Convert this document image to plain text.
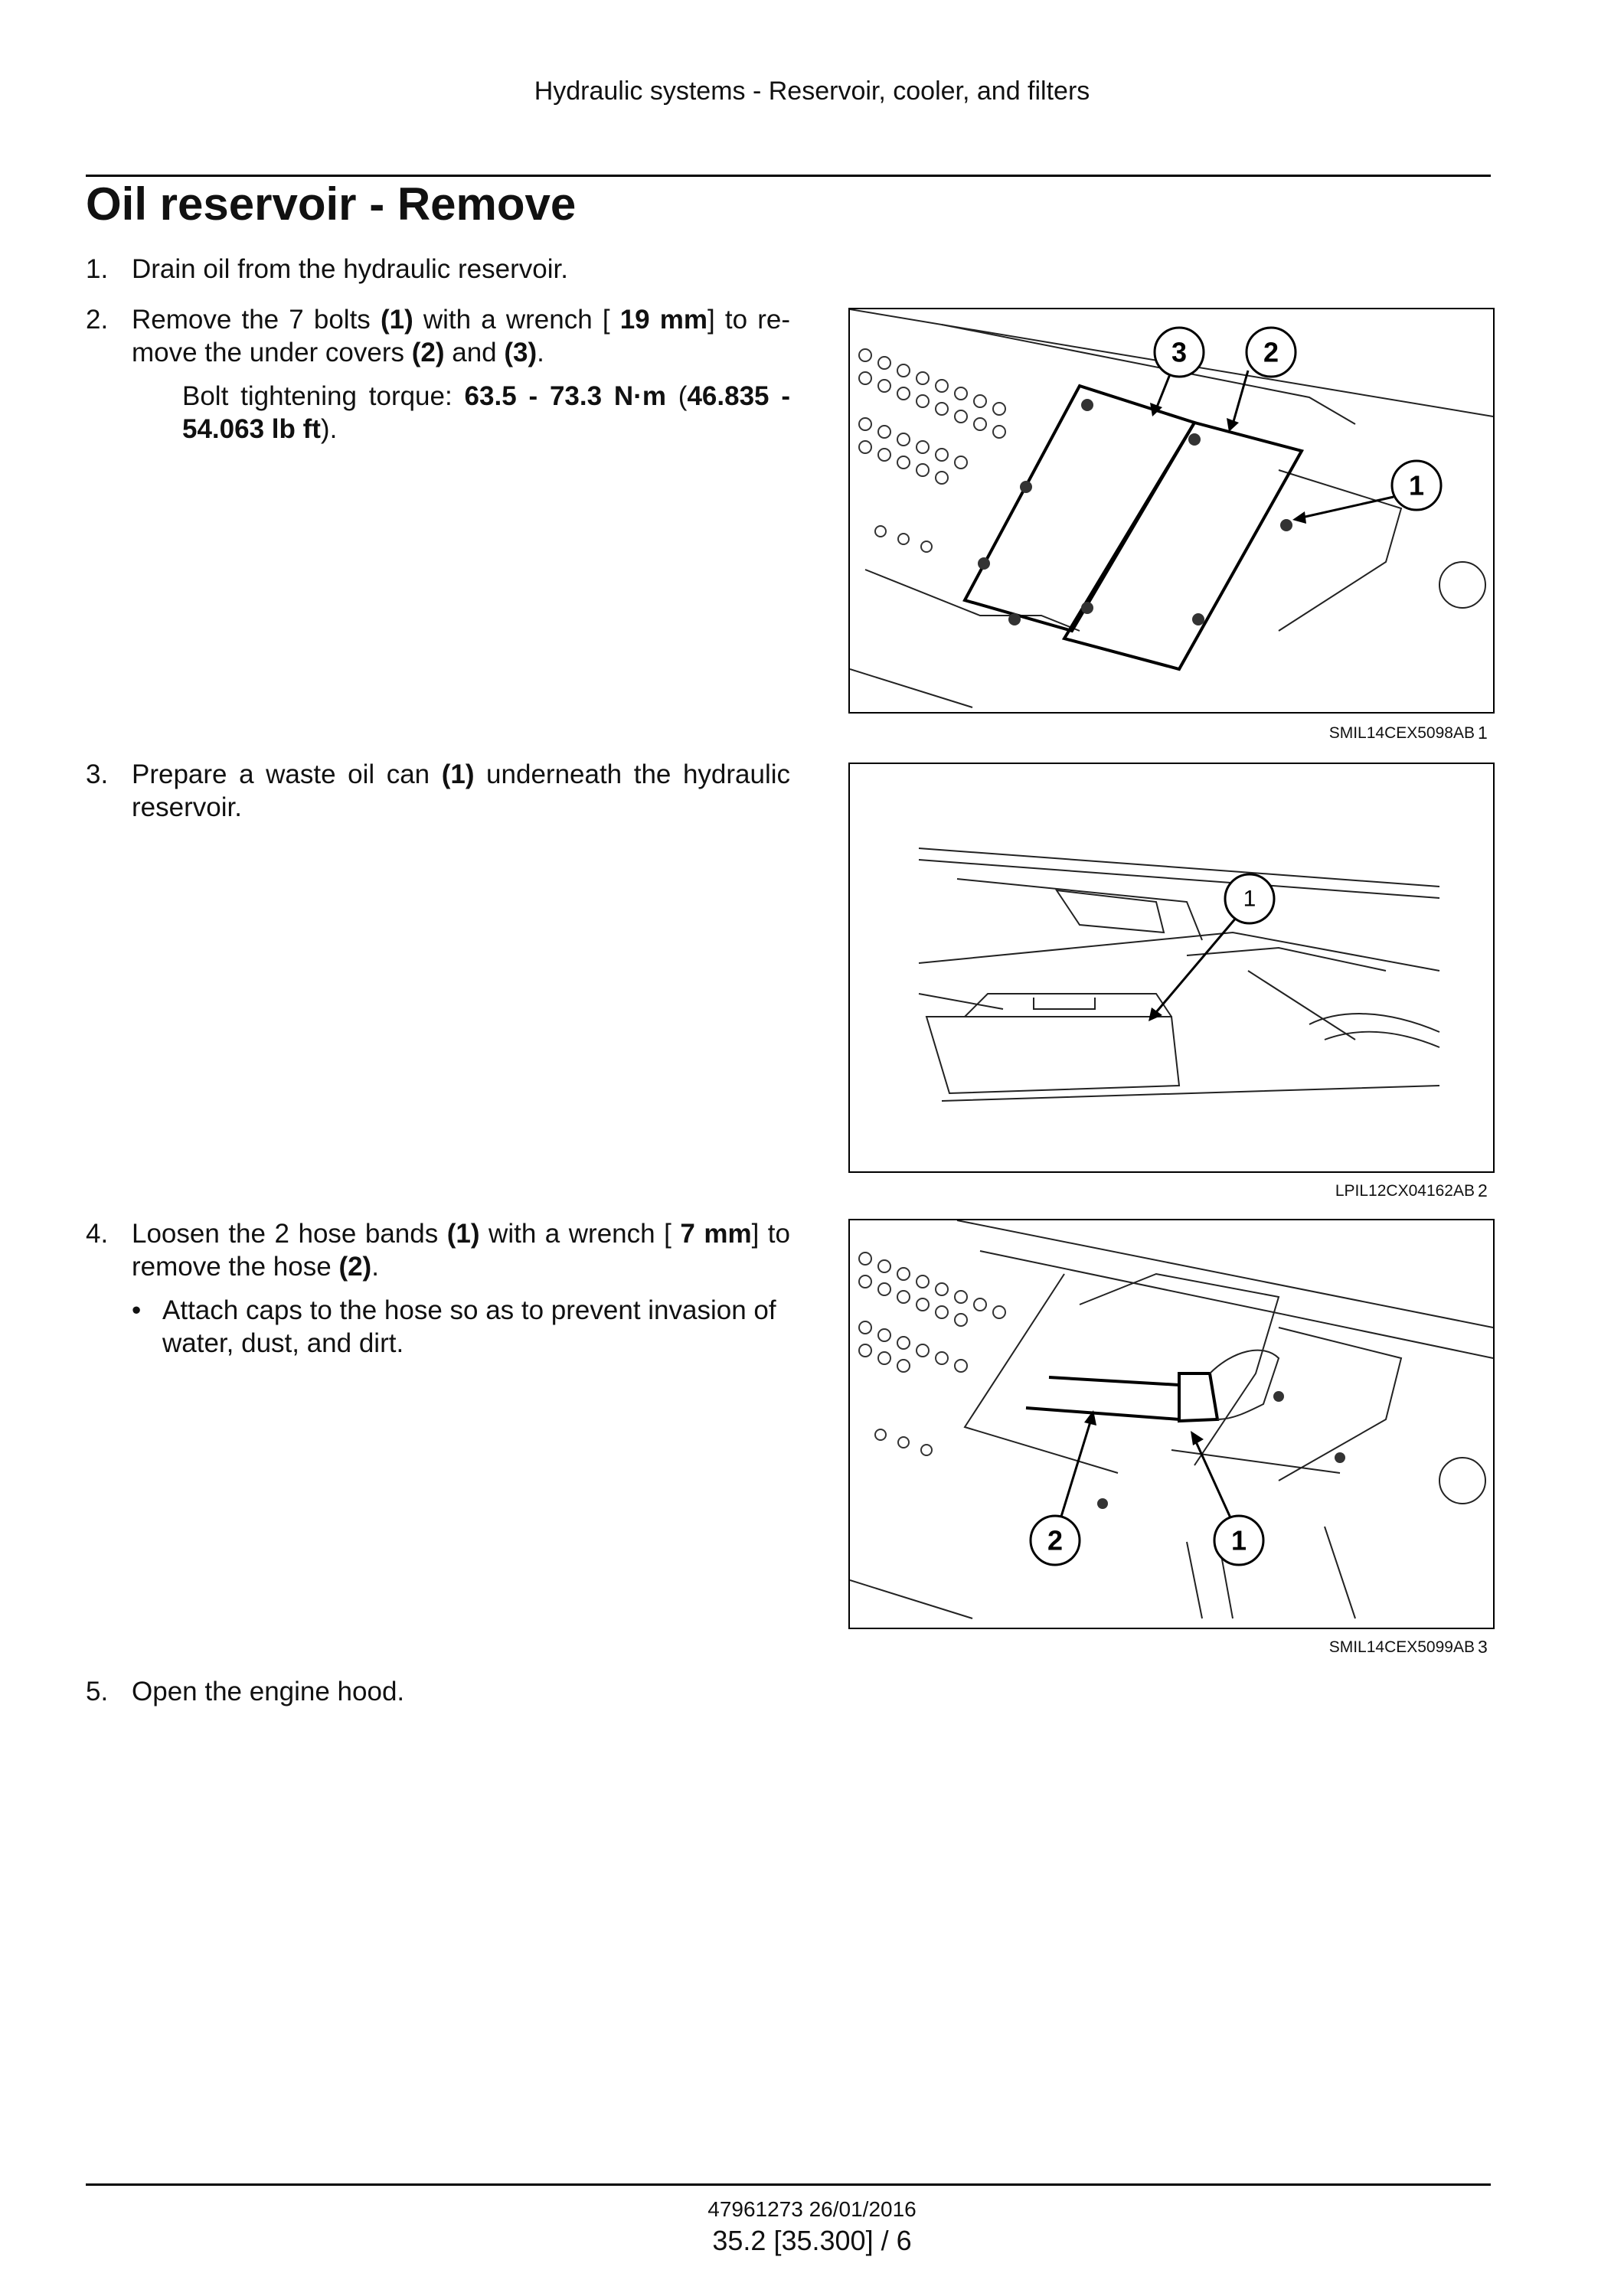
Hydraulic systems - Reservoir, cooler, and filters
Oil reservoir - Remove
1. Drain oil from the hydraulic reservoir.
2. Remove the 7 bolts (1) with a wrench [ 19 mm] to re- move the under covers (2) and (3).
Bolt tightening torque: 63.5 - 73.3 N·m (46.835 - 54.063 lb ft).
3. Prepare a waste oil can (1) underneath the hydraulic reservoir.
4. Loosen the 2 hose bands (1) with a wrench [ 7 mm] to remove the hose (2).
• Attach caps to the hose so as to prevent invasion of water, dust, and dirt.
5. Open the engine hood.
3	2
1
SMIL14CEX5098AB 1
1
LPIL12CX04162AB 2
2	1
SMIL14CEX5099AB 3
47961273 26/01/2016
35.2 [35.300] / 6
